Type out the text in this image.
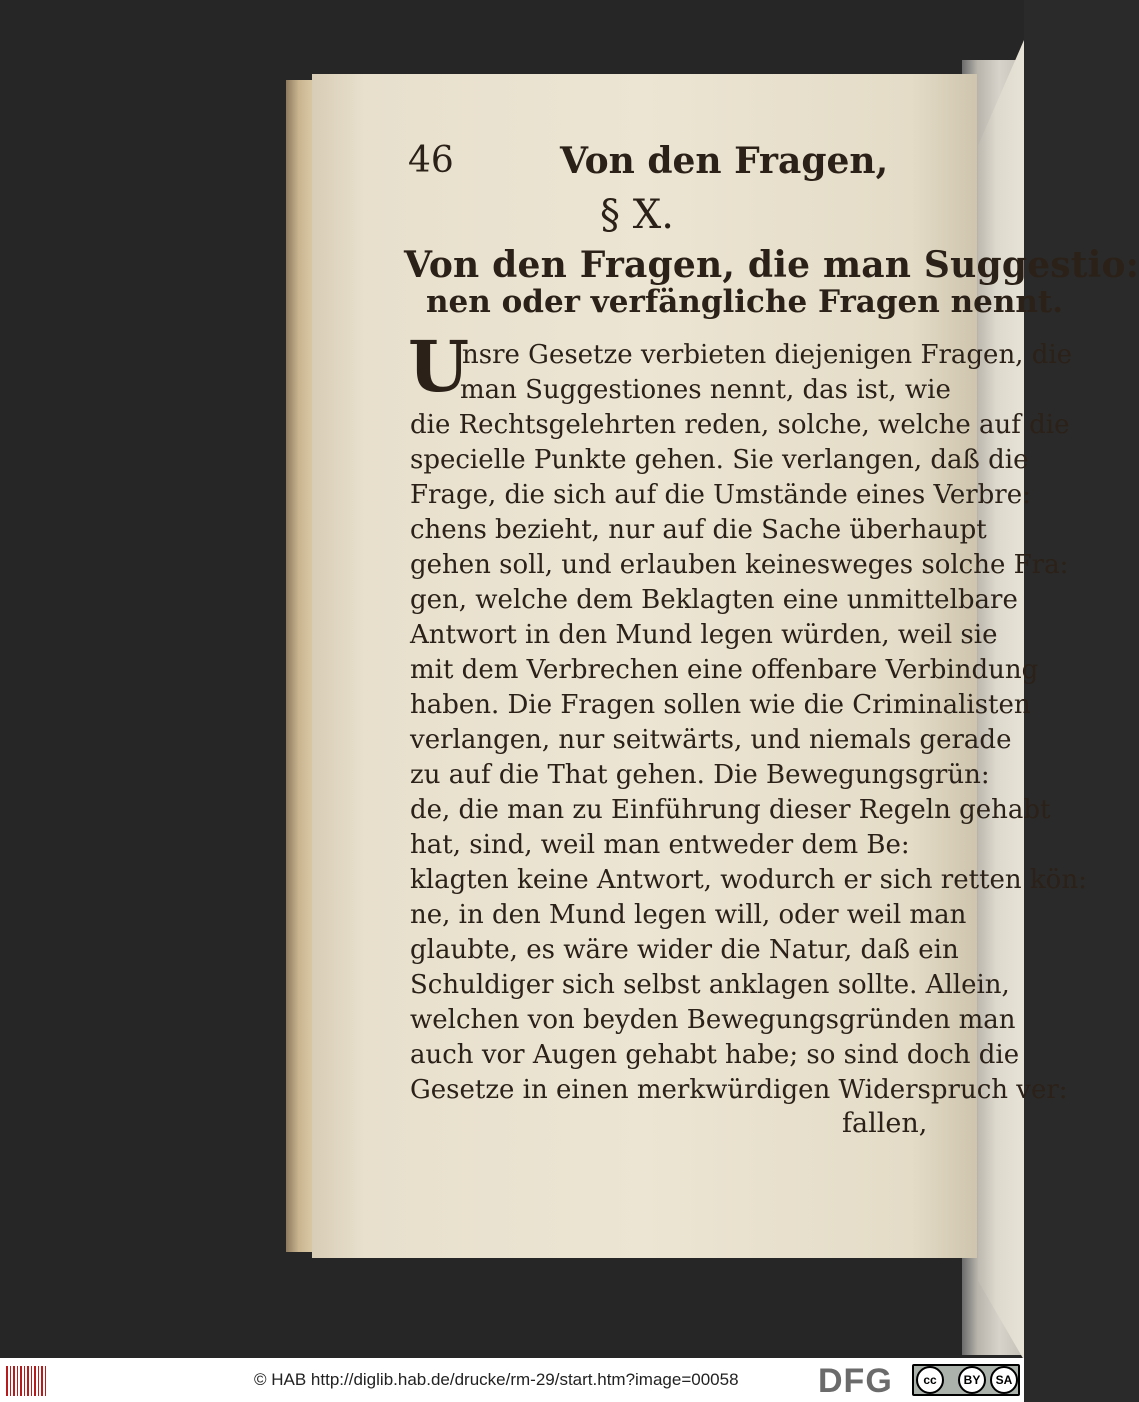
46	Von den Fragen,
§ X.
Von den Fragen, die man Suggestio:
nen oder verfängliche Fragen nennt.
U
nsre Gesetze verbieten diejenigen Fragen, die
man Suggestiones nennt, das ist, wie
die Rechtsgelehrten reden, solche, welche auf die
specielle Punkte gehen. Sie verlangen, daß die
Frage, die sich auf die Umstände eines Verbre:
chens bezieht, nur auf die Sache überhaupt
gehen soll, und erlauben keinesweges solche Fra:
gen, welche dem Beklagten eine unmittelbare
Antwort in den Mund legen würden, weil sie
mit dem Verbrechen eine offenbare Verbindung
haben. Die Fragen sollen wie die Criminalisten
verlangen, nur seitwärts, und niemals gerade
zu auf die That gehen. Die Bewegungsgrün:
de, die man zu Einführung dieser Regeln gehabt
hat, sind, weil man entweder dem Be:
klagten keine Antwort, wodurch er sich retten kön:
ne, in den Mund legen will, oder weil man
glaubte, es wäre wider die Natur, daß ein
Schuldiger sich selbst anklagen sollte. Allein,
welchen von beyden Bewegungsgründen man
auch vor Augen gehabt habe; so sind doch die
Gesetze in einen merkwürdigen Widerspruch ver:
fallen,
© HAB http://diglib.hab.de/drucke/rm-29/start.htm?image=00058 DFG	cc	BY	SA
